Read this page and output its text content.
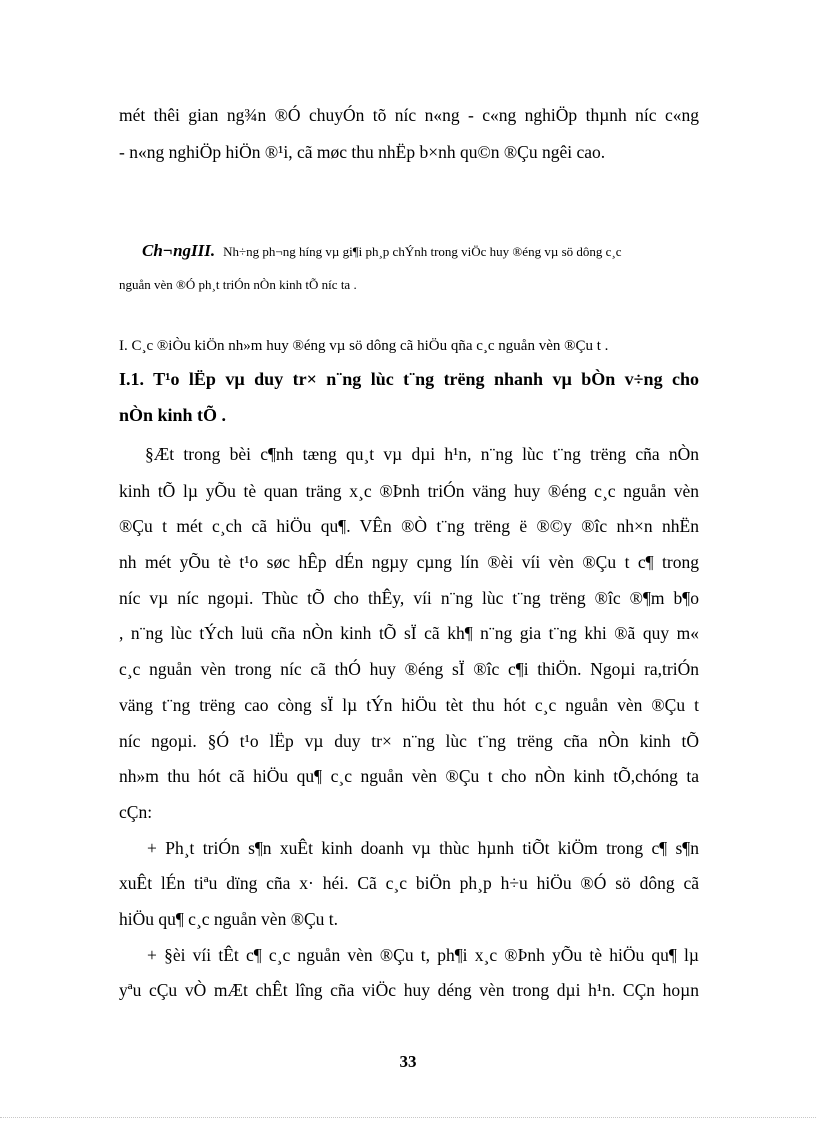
mét thêi gian ng¾n ®Ó chuyÓn tõ níc n«ng - c«ng nghiÖp thµnh níc c«ng
- n«ng nghiÖp hiÖn ®¹i, cã møc thu nhËp b×nh qu©n ®Çu ngêi cao.
Ch¬ngIII. Nh÷ng ph¬ng híng vµ gi¶i ph¸p chÝnh trong viÖc huy ®éng vµ sö dông c¸c
nguån vèn ®Ó ph¸t triÓn nÒn kinh tÕ níc ta .
I. C¸c ®iÒu kiÖn nh»m huy ®éng vµ sö dông cã hiÖu qña c¸c nguån vèn ®Çu t .
I.1. T¹o lËp vµ duy tr× n¨ng lùc t¨ng trëng nhanh vµ bÒn v÷ng cho
nÒn kinh tÕ .
§Æt trong bèi c¶nh tæng qu¸t vµ dµi h¹n, n¨ng lùc t¨ng trëng cña nÒn
kinh tÕ lµ yÕu tè quan träng x¸c ®Þnh triÓn väng huy ®éng c¸c nguån vèn
®Çu t mét c¸ch cã hiÖu qu¶. VÊn ®Ò t¨ng trëng ë ®©y ®îc nh×n nhËn
nh mét yÕu tè t¹o søc hÊp dÉn ngµy cµng lín ®èi víi vèn ®Çu t c¶ trong
níc vµ níc ngoµi. Thùc tÕ cho thÊy, víi n¨ng lùc t¨ng trëng ®îc ®¶m b¶o
, n¨ng lùc tÝch luü cña nÒn kinh tÕ sÏ cã kh¶ n¨ng gia t¨ng khi ®ã quy m«
c¸c nguån vèn trong níc cã thÓ huy ®éng sÏ ®îc c¶i thiÖn. Ngoµi ra,triÓn
väng t¨ng trëng cao còng sÏ lµ tÝn hiÖu tèt thu hót c¸c nguån vèn ®Çu t
níc ngoµi. §Ó t¹o lËp vµ duy tr× n¨ng lùc t¨ng trëng cña nÒn kinh tÕ
nh»m thu hót cã hiÖu qu¶ c¸c nguån vèn ®Çu t cho nÒn kinh tÕ,chóng ta
cÇn:
+ Ph¸t triÓn s¶n xuÊt kinh doanh vµ thùc hµnh tiÕt kiÖm trong c¶ s¶n
xuÊt lÉn tiªu dïng cña x· héi. Cã c¸c biÖn ph¸p h÷u hiÖu ®Ó sö dông cã
hiÖu qu¶ c¸c nguån vèn ®Çu t.
+ §èi víi tÊt c¶ c¸c nguån vèn ®Çu t, ph¶i x¸c ®Þnh yÕu tè hiÖu qu¶ lµ
yªu cÇu vÒ mÆt chÊt lîng cña viÖc huy déng vèn trong dµi h¹n. CÇn hoµn
33
